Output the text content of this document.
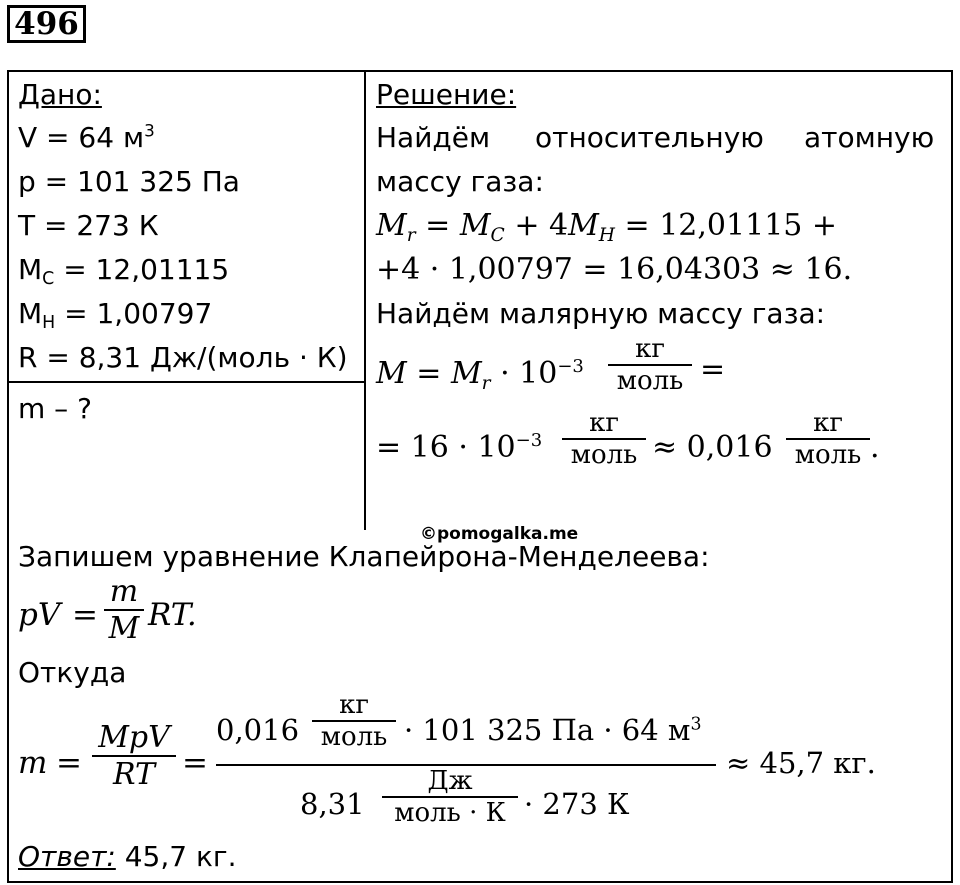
496
Дано:
V = 64 $м^3$
p = 101 325 Па
T = 273 К
$M_C = 12,01115$
$M_H = 1,00797$
R = 8,31 Дж/(моль · К)
m – ?
Решение:
Найдём относительную атомную
массу газа:
$M_r = M_C + 4M_H = 12,01115$ +
+4 · 1,00797 = 16,04303 ≈ 16.
Найдём малярную массу газа:
$M = M_r \cdot 10^{-3}$
кг
моль =
= $16 \cdot 10^{-3}$
кг
моль ≈ 0,016
кг
моль .
©pomogalka.me
Запишем уравнение Клапейрона-Менделеева:
pV =
m
M RT.
Откуда
m =
MpV
RT =
0,016
кг
моль · 101 325 Па · 64 $м^3$
8,31
Дж
моль · К · 273 К
≈ 45,7 кг.
Ответ: 45,7 кг.
